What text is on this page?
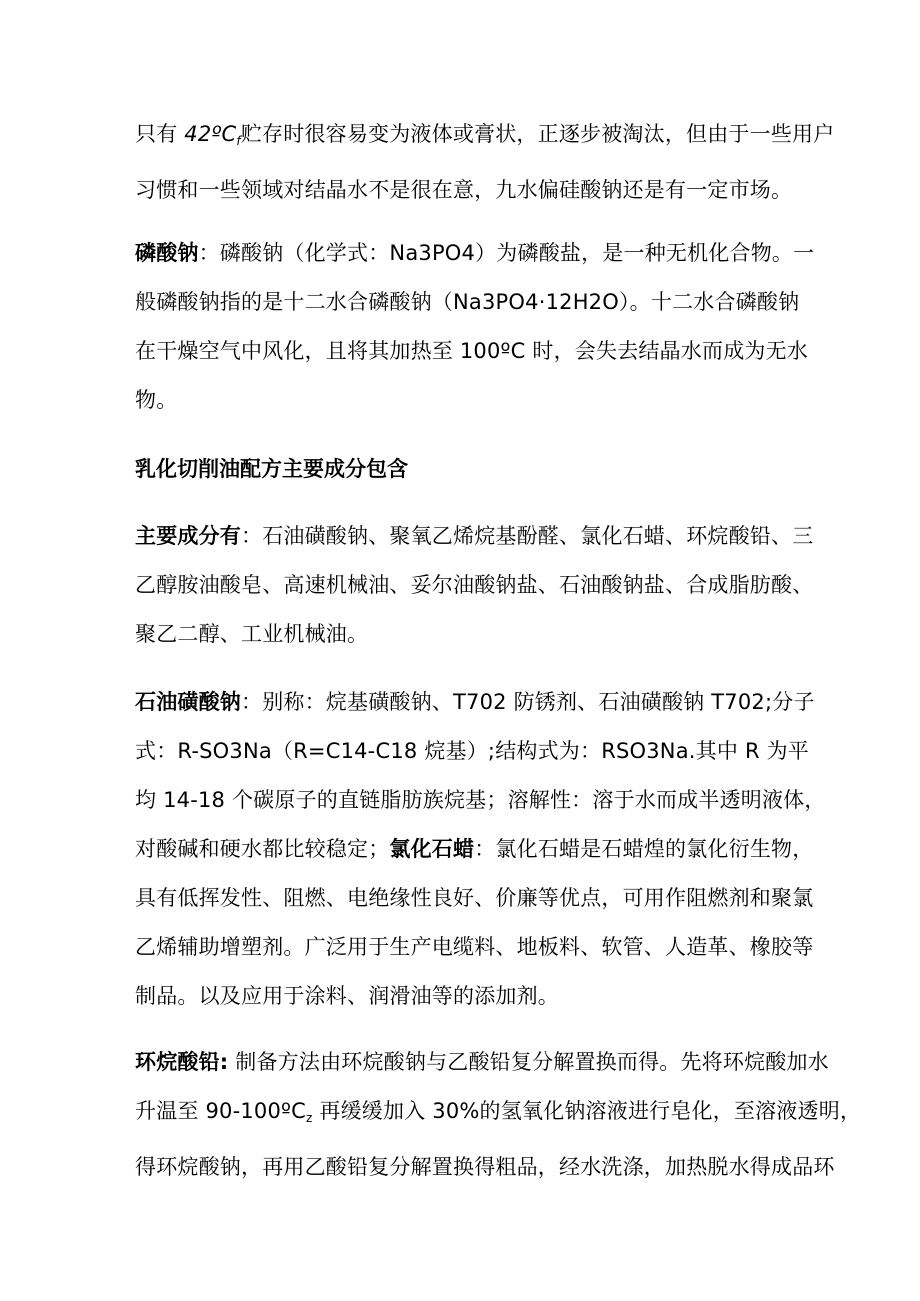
只有 42ºC$_f$贮存时很容易变为液体或膏状，正逐步被淘汰，但由于一些用户
习惯和一些领域对结晶水不是很在意，九水偏硅酸钠还是有一定市场。

磷酸钠：磷酸钠（化学式：Na3PO4）为磷酸盐，是一种无机化合物。一
般磷酸钠指的是十二水合磷酸钠（Na3PO4·12H2O）。十二水合磷酸钠
在干燥空气中风化，且将其加热至 100ºC 时，会失去结晶水而成为无水
物。

乳化切削油配方主要成分包含

主要成分有：石油磺酸钠、聚氧乙烯烷基酚醛、氯化石蜡、环烷酸铅、三
乙醇胺油酸皂、高速机械油、妥尔油酸钠盐、石油酸钠盐、合成脂肪酸、
聚乙二醇、工业机械油。

石油磺酸钠：别称：烷基磺酸钠、T702 防锈剂、石油磺酸钠 T702;分子
式：R-SO3Na（R=C14-C18 烷基）;结构式为：RSO3Na.其中 R 为平
均 14-18 个碳原子的直链脂肪族烷基；溶解性：溶于水而成半透明液体，
对酸碱和硬水都比较稳定；氯化石蜡：氯化石蜡是石蜡煌的氯化衍生物，
具有低挥发性、阻燃、电绝缘性良好、价廉等优点，可用作阻燃剂和聚氯
乙烯辅助增塑剂。广泛用于生产电缆料、地板料、软管、人造革、橡胶等
制品。以及应用于涂料、润滑油等的添加剂。

环烷酸铅: 制备方法由环烷酸钠与乙酸铅复分解置换而得。先将环烷酸加水
升温至 90-100ºC$_z$ 再缓缓加入 30%的氢氧化钠溶液进行皂化，至溶液透明，
得环烷酸钠，再用乙酸铅复分解置换得粗品，经水洗涤，加热脱水得成品环
